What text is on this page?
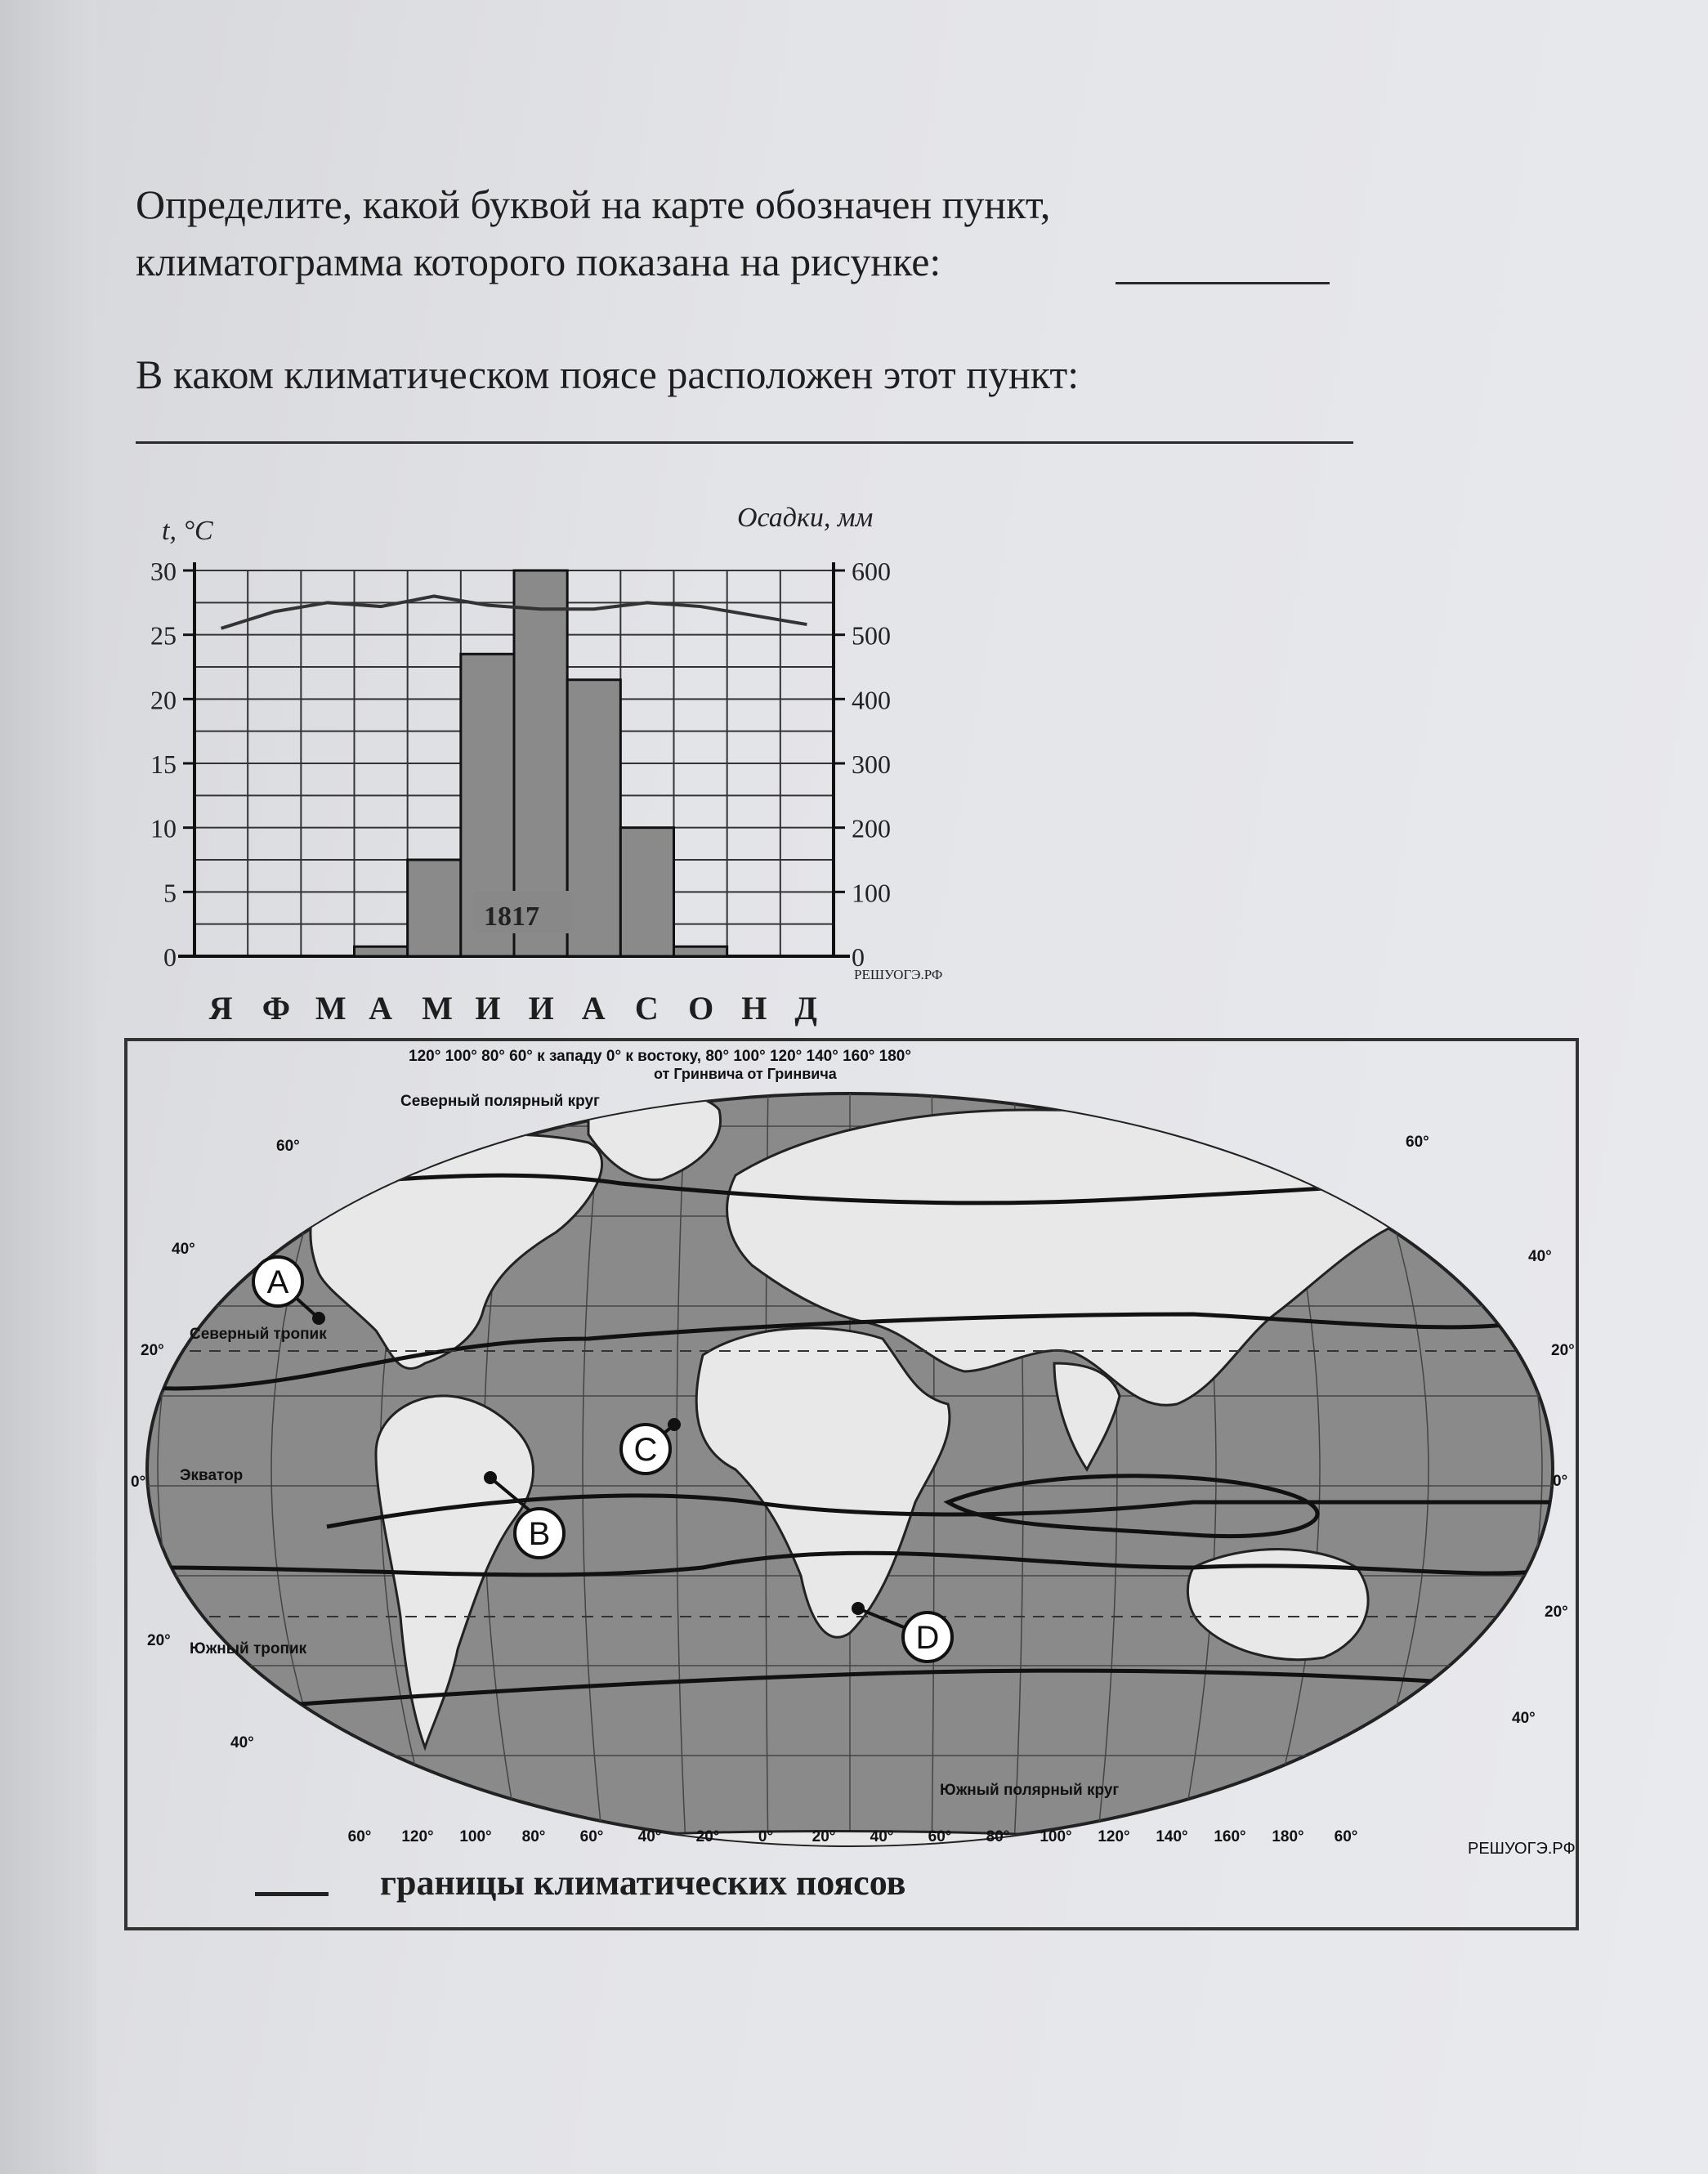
Определите, какой буквой на карте обозначен пункт,
климатограмма которого показана на рисунке:
В каком климатическом поясе расположен этот пункт:
t, °C	Осадки, мм
0
5
10
15
20
25
30
0
100
200
300
400
500
600
1817
РЕШУОГЭ.РФ
Я Ф М А М И И А С О Н Д
120° 100° 80° 60° к западу 0° к востоку, 80° 100° 120° 140° 160° 180°
от Гринвича от Гринвича
Северный полярный круг
Северный тропик
Экватор
Южный тропик
Южный полярный круг
60°
40°
20°
0°
20°
40°
60°
40°
20°
0°
20°
40°
60° 120° 100° 80° 60° 40° 20°	0°	20° 40° 60° 80° 100° 120° 140° 160° 180° 60°
A
B
C
D
РЕШУОГЭ.РФ
границы климатических поясов
